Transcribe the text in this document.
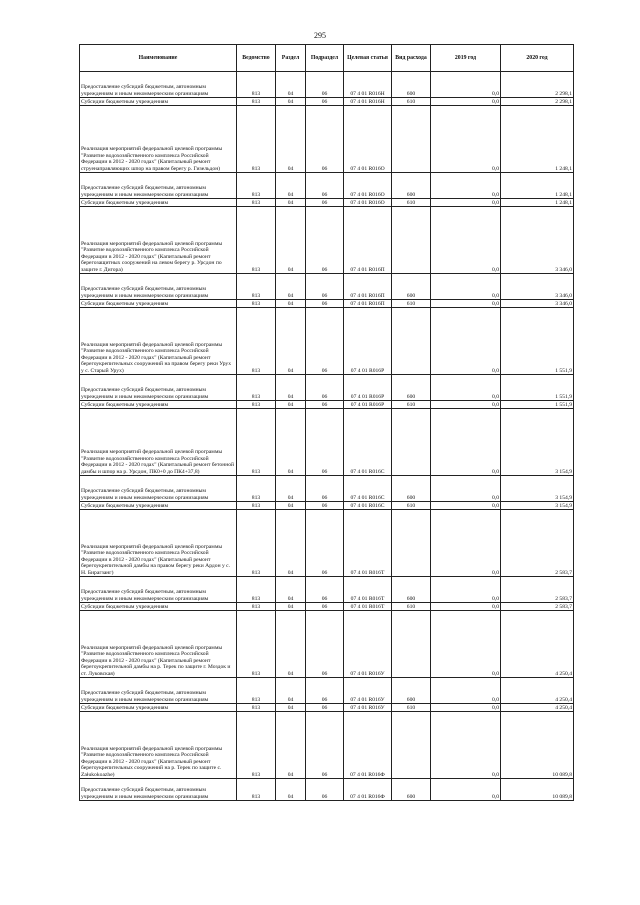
295
Наименование	Ведомство	Раздел	Подраздел	Целевая статья	Вид расхода	2019 год	2020 год
Предоставление субсидий бюджетным, автономным учреждениям и иным некоммерческим организациям	813	04	06	07 4 01 R016Н	600	0,0	2 298,1
Субсидии бюджетным учреждениям	813	04	06	07 4 01 R016Н	610	0,0	2 298,1
Реализация мероприятий федеральной целевой программы "Развитие водохозяйственного комплекса Российской Федерации в 2012 - 2020 годах" (Капитальный ремонт струенаправляющих шпор на правом берегу р. Гизельдон)	813	04	06	07 4 01 R016О		0,0	1 248,1
Предоставление субсидий бюджетным, автономным учреждениям и иным некоммерческим организациям	813	04	06	07 4 01 R016О	600	0,0	1 248,1
Субсидии бюджетным учреждениям	813	04	06	07 4 01 R016О	610	0,0	1 248,1
Реализация мероприятий федеральной целевой программы "Развитие водохозяйственного комплекса Российской Федерации в 2012 - 2020 годах" (Капитальный ремонт берегозащитных сооружений на левом берегу р. Урсдон по защите г. Дигора)	813	04	06	07 4 01 R016П		0,0	3 346,0
Предоставление субсидий бюджетным, автономным учреждениям и иным некоммерческим организациям	813	04	06	07 4 01 R016П	600	0,0	3 346,0
Субсидии бюджетным учреждениям	813	04	06	07 4 01 R016П	610	0,0	3 346,0
Реализация мероприятий федеральной целевой программы "Развитие водохозяйственного комплекса Российской Федерации в 2012 - 2020 годах" (Капитальный ремонт берегоукрепительных сооружений на правом берегу реки Урух у с. Старый Урух)	813	04	06	07 4 01 R016Р		0,0	1 551,9
Предоставление субсидий бюджетным, автономным учреждениям и иным некоммерческим организациям	813	04	06	07 4 01 R016Р	600	0,0	1 551,9
Субсидии бюджетным учреждениям	813	04	06	07 4 01 R016Р	610	0,0	1 551,9
Реализация мероприятий федеральной целевой программы "Развитие водохозяйственного комплекса Российской Федерации в 2012 - 2020 годах" (Капитальный ремонт бетонной дамбы и шпор на р. Урсдон, ПК0+0 до ПК4+37,8)	813	04	06	07 4 01 R016С		0,0	3 154,9
Предоставление субсидий бюджетным, автономным учреждениям и иным некоммерческим организациям	813	04	06	07 4 01 R016С	600	0,0	3 154,9
Субсидии бюджетным учреждениям	813	04	06	07 4 01 R016С	610	0,0	3 154,9
Реализация мероприятий федеральной целевой программы "Развитие водохозяйственного комплекса Российской Федерации в 2012 - 2020 годах" (Капитальный ремонт берегоукрепительной дамбы на правом берегу реки Ардон у с. Н. Бирагзанг)	813	04	06	07 4 01 R016Т		0,0	2 583,7
Предоставление субсидий бюджетным, автономным учреждениям и иным некоммерческим организациям	813	04	06	07 4 01 R016Т	600	0,0	2 583,7
Субсидии бюджетным учреждениям	813	04	06	07 4 01 R016Т	610	0,0	2 583,7
Реализация мероприятий федеральной целевой программы "Развитие водохозяйственного комплекса Российской Федерации в 2012 - 2020 годах" (Капитальный ремонт берегоукрепительной дамбы на р. Терек по защите г. Моздок и ст. Луковская)	813	04	06	07 4 01 R016У		0,0	4 250,4
Предоставление субсидий бюджетным, автономным учреждениям и иным некоммерческим организациям	813	04	06	07 4 01 R016У	600	0,0	4 250,4
Субсидии бюджетным учреждениям	813	04	06	07 4 01 R016У	610	0,0	4 250,4
Реализация мероприятий федеральной целевой программы "Развитие водохозяйственного комплекса Российской Федерации в 2012 - 2020 годах" (Капитальный ремонт берегоукрепительных сооружений на р. Терек по защите с. Załukokoazhe)	813	04	06	07 4 01 R016Ф		0,0	10 089,8
Предоставление субсидий бюджетным, автономным учреждениям и иным некоммерческим организациям	813	04	06	07 4 01 R016Ф	600	0,0	10 089,8
